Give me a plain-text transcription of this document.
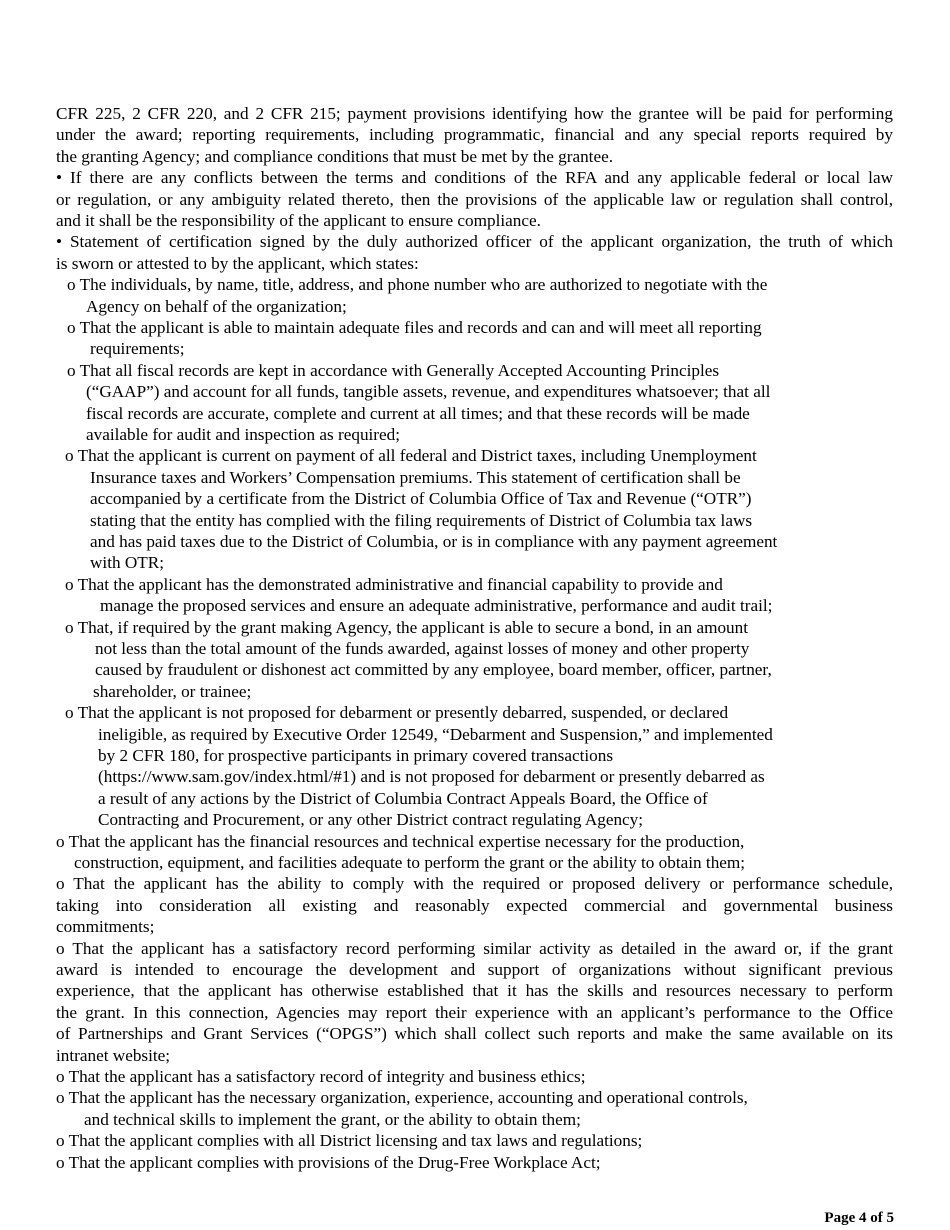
CFR 225, 2 CFR 220, and 2 CFR 215; payment provisions identifying how the grantee will be paid for performing
under the award; reporting requirements, including programmatic, financial and any special reports required by
the granting Agency; and compliance conditions that must be met by the grantee.
• If there are any conflicts between the terms and conditions of the RFA and any applicable federal or local law
or regulation, or any ambiguity related thereto, then the provisions of the applicable law or regulation shall control,
and it shall be the responsibility of the applicant to ensure compliance.
• Statement of certification signed by the duly authorized officer of the applicant organization, the truth of which
is sworn or attested to by the applicant, which states:
o The individuals, by name, title, address, and phone number who are authorized to negotiate with the
Agency on behalf of the organization;
o That the applicant is able to maintain adequate files and records and can and will meet all reporting
requirements;
o That all fiscal records are kept in accordance with Generally Accepted Accounting Principles
(“GAAP”) and account for all funds, tangible assets, revenue, and expenditures whatsoever; that all
fiscal records are accurate, complete and current at all times; and that these records will be made
available for audit and inspection as required;
o That the applicant is current on payment of all federal and District taxes, including Unemployment
Insurance taxes and Workers’ Compensation premiums. This statement of certification shall be
accompanied by a certificate from the District of Columbia Office of Tax and Revenue (“OTR”)
stating that the entity has complied with the filing requirements of District of Columbia tax laws
and has paid taxes due to the District of Columbia, or is in compliance with any payment agreement
with OTR;
o That the applicant has the demonstrated administrative and financial capability to provide and
manage the proposed services and ensure an adequate administrative, performance and audit trail;
o That, if required by the grant making Agency, the applicant is able to secure a bond, in an amount
not less than the total amount of the funds awarded, against losses of money and other property
caused by fraudulent or dishonest act committed by any employee, board member, officer, partner,
shareholder, or trainee;
o That the applicant is not proposed for debarment or presently debarred, suspended, or declared
ineligible, as required by Executive Order 12549, “Debarment and Suspension,” and implemented
by 2 CFR 180, for prospective participants in primary covered transactions
(https://www.sam.gov/index.html/#1) and is not proposed for debarment or presently debarred as
a result of any actions by the District of Columbia Contract Appeals Board, the Office of
Contracting and Procurement, or any other District contract regulating Agency;
o That the applicant has the financial resources and technical expertise necessary for the production,
construction, equipment, and facilities adequate to perform the grant or the ability to obtain them;
o That the applicant has the ability to comply with the required or proposed delivery or performance schedule,
taking into consideration all existing and reasonably expected commercial and governmental business
commitments;
o That the applicant has a satisfactory record performing similar activity as detailed in the award or, if the grant
award is intended to encourage the development and support of organizations without significant previous
experience, that the applicant has otherwise established that it has the skills and resources necessary to perform
the grant. In this connection, Agencies may report their experience with an applicant’s performance to the Office
of Partnerships and Grant Services (“OPGS”) which shall collect such reports and make the same available on its
intranet website;
o That the applicant has a satisfactory record of integrity and business ethics;
o That the applicant has the necessary organization, experience, accounting and operational controls,
and technical skills to implement the grant, or the ability to obtain them;
o That the applicant complies with all District licensing and tax laws and regulations;
o That the applicant complies with provisions of the Drug-Free Workplace Act;
Page 4 of 5
